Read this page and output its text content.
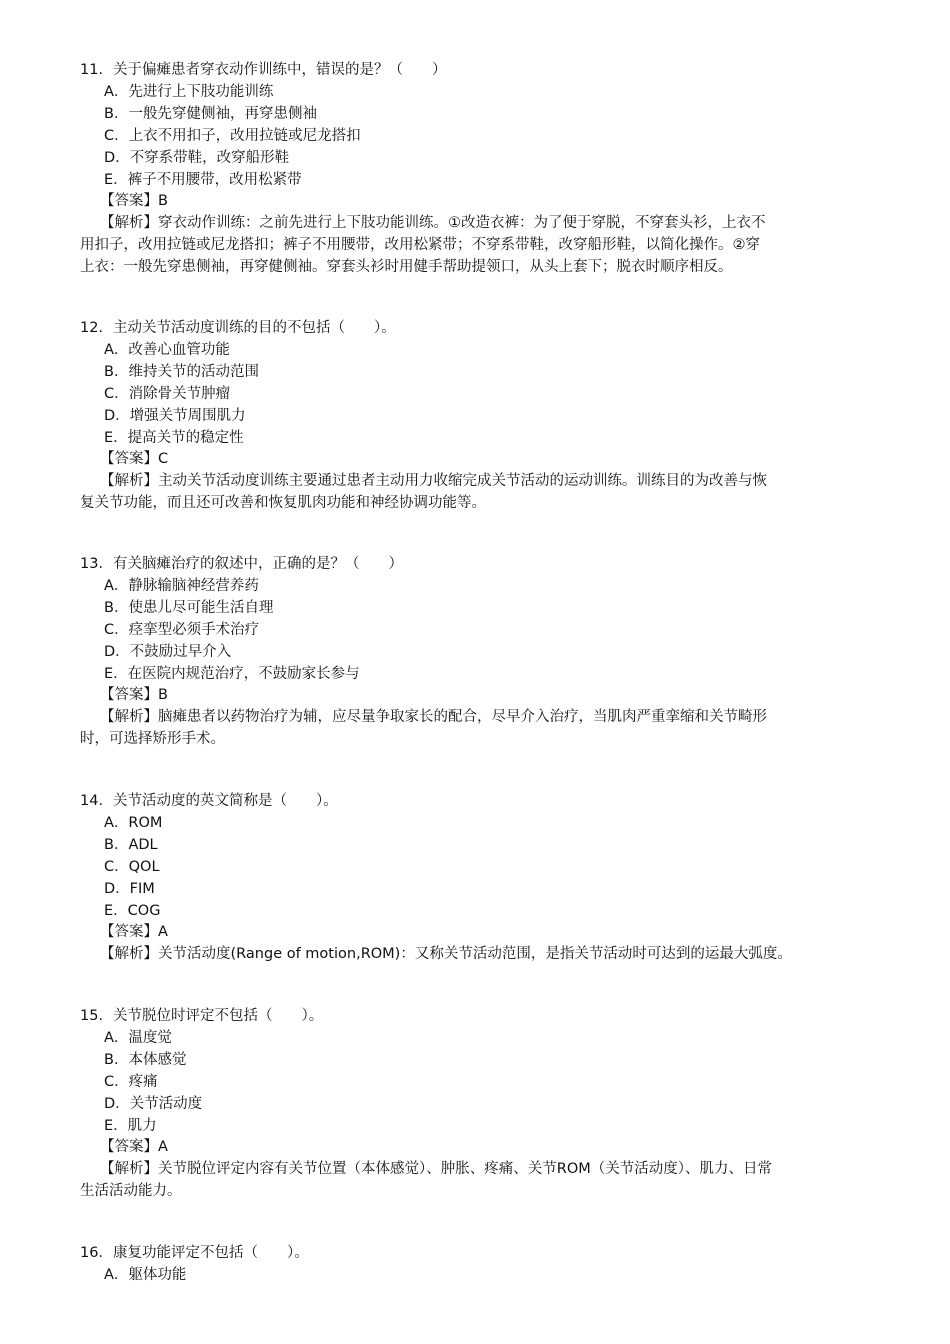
11．关于偏瘫患者穿衣动作训练中，错误的是？（　　）
A．先进行上下肢功能训练
B．一般先穿健侧袖，再穿患侧袖
C．上衣不用扣子，改用拉链或尼龙搭扣
D．不穿系带鞋，改穿船形鞋
E．裤子不用腰带，改用松紧带
【答案】B
【解析】穿衣动作训练：之前先进行上下肢功能训练。①改造衣裤：为了便于穿脱，不穿套头衫，上衣不
用扣子，改用拉链或尼龙搭扣；裤子不用腰带，改用松紧带；不穿系带鞋，改穿船形鞋，以简化操作。②穿
上衣：一般先穿患侧袖，再穿健侧袖。穿套头衫时用健手帮助提领口，从头上套下；脱衣时顺序相反。
12．主动关节活动度训练的目的不包括（　　）。
A．改善心血管功能
B．维持关节的活动范围
C．消除骨关节肿瘤
D．增强关节周围肌力
E．提高关节的稳定性
【答案】C
【解析】主动关节活动度训练主要通过患者主动用力收缩完成关节活动的运动训练。训练目的为改善与恢
复关节功能，而且还可改善和恢复肌肉功能和神经协调功能等。
13．有关脑瘫治疗的叙述中，正确的是？（　　）
A．静脉输脑神经营养药
B．使患儿尽可能生活自理
C．痉挛型必须手术治疗
D．不鼓励过早介入
E．在医院内规范治疗，不鼓励家长参与
【答案】B
【解析】脑瘫患者以药物治疗为辅，应尽量争取家长的配合，尽早介入治疗，当肌肉严重挛缩和关节畸形
时，可选择矫形手术。
14．关节活动度的英文简称是（　　）。
A．ROM
B．ADL
C．QOL
D．FIM
E．COG
【答案】A
【解析】关节活动度(Range of motion,ROM)：又称关节活动范围，是指关节活动时可达到的运最大弧度。
15．关节脱位时评定不包括（　　）。
A．温度觉
B．本体感觉
C．疼痛
D．关节活动度
E．肌力
【答案】A
【解析】关节脱位评定内容有关节位置（本体感觉）、肿胀、疼痛、关节ROM（关节活动度）、肌力、日常
生活活动能力。
16．康复功能评定不包括（　　）。
A．躯体功能
